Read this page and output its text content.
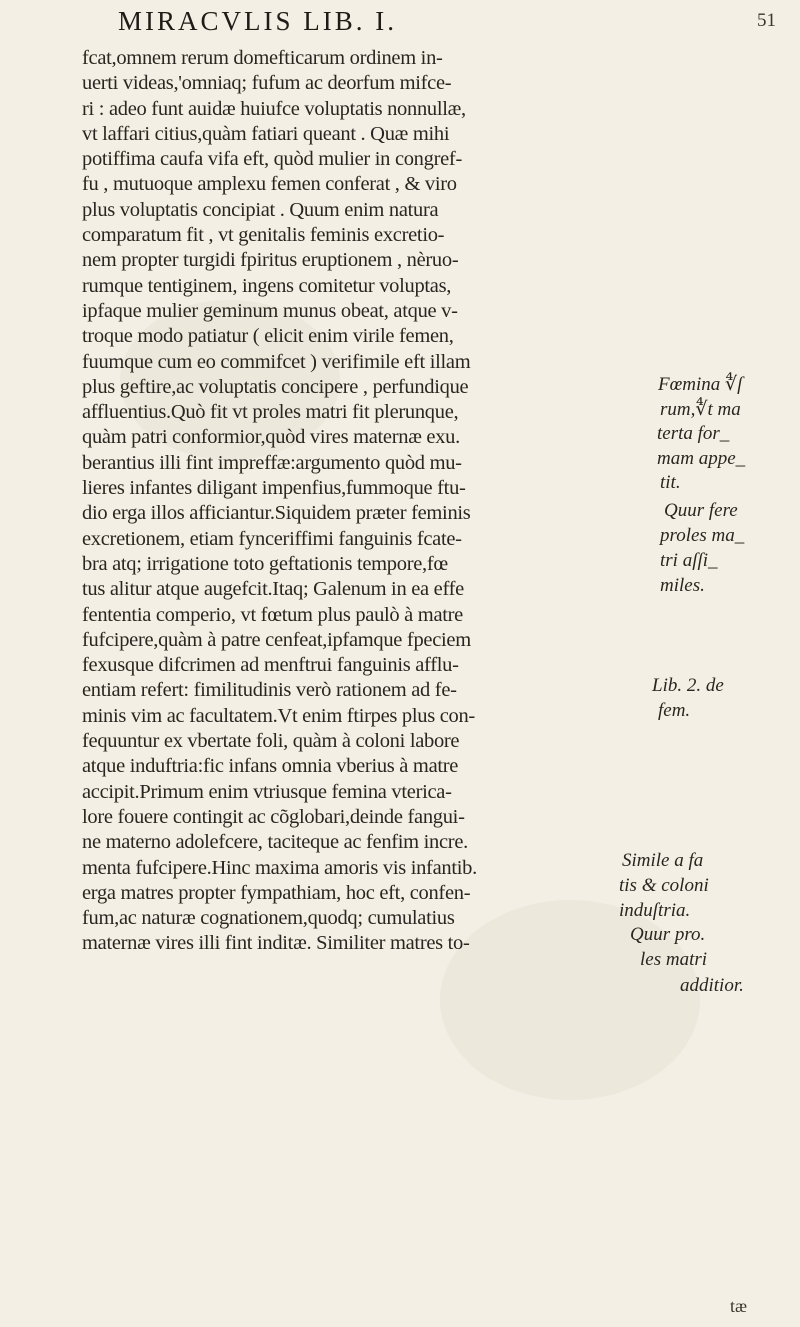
MIRACVLIS LIB. I.	51
fcat,omnem rerum domefticarum ordinem in-
uerti videas,'omniaq; fufum ac deorfum mifce-
ri : adeo funt auidæ huiufce voluptatis nonnullæ,
vt laffari citius,quàm fatiari queant . Quæ mihi
potiffima caufa vifa eft, quòd mulier in congref-
fu , mutuoque amplexu femen conferat , & viro
plus voluptatis concipiat . Quum enim natura
comparatum fit , vt genitalis feminis excretio-
nem propter turgidi fpiritus eruptionem , nèruo-
rumque tentiginem, ingens comitetur voluptas,
ipfaque mulier geminum munus obeat, atque v-
troque modo patiatur ( elicit enim virile femen,
fuumque cum eo commifcet ) verifimile eft illam
plus geftire,ac voluptatis concipere , perfundique
affluentius.Quò fit vt proles matri fit plerunque,
quàm patri conformior,quòd vires maternæ exu.
berantius illi fint impreffæ:argumento quòd mu-
lieres infantes diligant impenfius,fummoque ftu-
dio erga illos afficiantur.Siquidem præter feminis
excretionem, etiam fynceriffimi fanguinis fcate-
bra atq; irrigatione toto geftationis tempore,fœ
tus alitur atque augefcit.Itaq; Galenum in ea effe
fententia comperio, vt fœtum plus paulò à matre
fufcipere,quàm à patre cenfeat,ipfamque fpeciem
fexusque difcrimen ad menftrui fanguinis afflu-
entiam refert: fimilitudinis verò rationem ad fe-
minis vim ac facultatem.Vt enim ftirpes plus con-
fequuntur ex vbertate foli, quàm à coloni labore
atque induftria:fic infans omnia vberius à matre
accipit.Primum enim vtriusque femina vterica-
lore fouere contingit ac cõglobari,deinde fangui-
ne materno adolefcere, taciteque ac fenfim incre.
menta fufcipere.Hinc maxima amoris vis infantib.
erga matres propter fympathiam, hoc eft, confen-
fum,ac naturæ cognationem,quodq; cumulatius
maternæ vires illi fint inditæ. Similiter matres to-
Fœmina ∜ſ
rum,∜t ma
terta for_
mam appe_
tit.
Quur fere
proles ma_
tri aſſi_
miles.
Lib. 2. de
fem.
Simile a fa
tis & coloni
induſtria.
Quur pro.
les matri
additior.
tæ
